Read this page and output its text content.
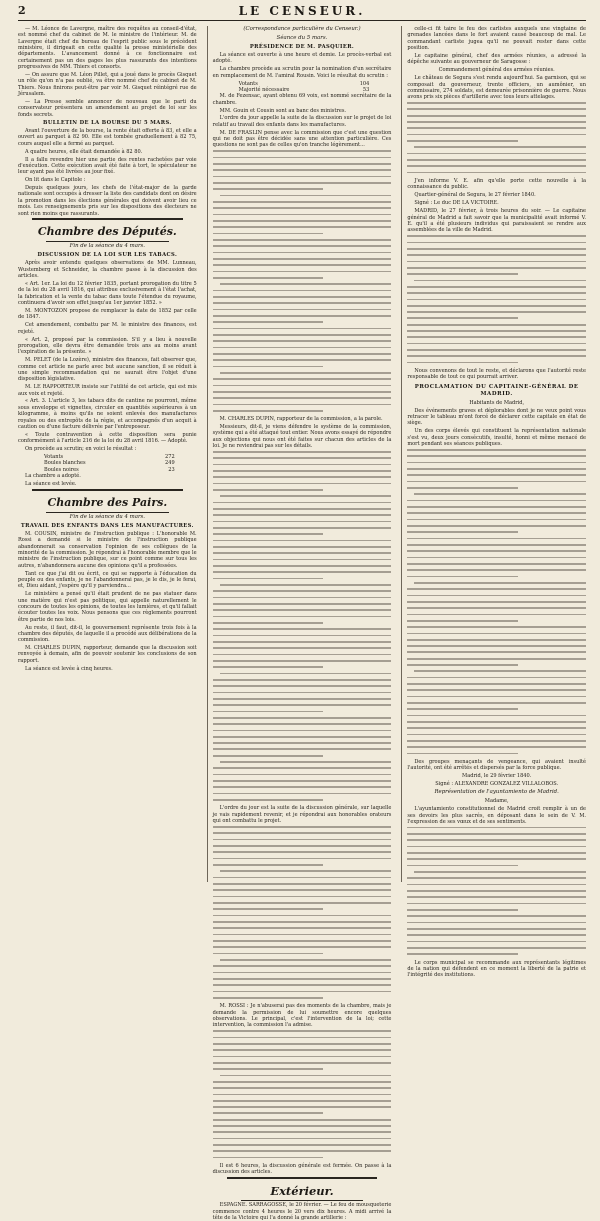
2	LE CENSEUR.

— M. Léonce de Lavergne, maître des requêtes au conseil-d'état, est nommé chef du cabinet de M. le ministre de l'intérieur. M. de Lavergne était chef du bureau de l'esprit public sous le précédent ministère, il dirigeait en cette qualité la presse ministérielle des départements. L'avancement donné à ce fonctionnaire est certainement pas un des gages les plus rassurants des intentions progressives de MM. Thiers et consorts.

— On assure que M. Léon Pillet, qui a joué dans le procès Gisquet un rôle qu'on n'a pas oublié, va être nommé chef du cabinet de M. Thiers. Nous finirons peut-être par voir M. Gisquet réintégré rue de Jérusalem.

— La Presse semble annoncer de nouveau que le parti du conservateur présentera un amendement au projet de loi sur les fonds secrets.

BULLETIN DE LA BOURSE DU 5 MARS.

Avant l'ouverture de la bourse, la rente était offerte à 83, et elle a ouvert au parquet à 82 90. Elle est tombée graduellement à 82 75, cours auquel elle a fermé au parquet.

A quatre heures, elle était demandée à 82 80.

Il a fallu revendre hier une partie des rentes rachetées par voie d'exécution. Cette exécution avait été faite à tort, le spéculateur ne leur ayant pas été livrées au jour fixé.

On lit dans le Capitole :

Depuis quelques jours, les chefs de l'état-major de la garde nationale sont occupés à dresser la liste des candidats dont on désire la promotion dans les élections générales qui doivent avoir lieu ce mois. Les renseignements pris sur les dispositions des électeurs ne sont rien moins que rassurants.

Chambre des Députés.
Fin de la séance du 4 mars.
DISCUSSION DE LA LOI SUR LES TABACS.

Après avoir entendu quelques observations de MM. Lunneau, Wustemberg et Schneider, la chambre passe à la discussion des articles.

« Art. 1er. La loi du 12 février 1835, portant prorogation du titre 5 de la loi du 28 avril 1816, qui attribue exclusivement à l'état l'achat, la fabrication et la vente du tabac dans toute l'étendue du royaume, continuera d'avoir son effet jusqu'au 1er janvier 1852. »

M. MONTOZON propose de remplacer la date de 1852 par celle de 1847.

Cet amendement, combattu par M. le ministre des finances, est rejeté.

« Art. 2, proposé par la commission. S'il y a lieu à nouvelle prorogation, elle devra être demandée trois ans au moins avant l'expiration de la présente. »

M. PELET (de la Lozère), ministre des finances, fait observer que, comme cet article ne parle avec but aucune sanction, il se réduit à une simple recommandation qui ne saurait être l'objet d'une disposition législative.

M. LE RAPPORTEUR insiste sur l'utilité de cet article, qui est mis aux voix et rejeté.

« Art. 3. L'article 3, les tabacs dits de cantine ne pourront, même sous enveloppe et vignettes, circuler en quantités supérieures à un kilogramme, à moins qu'ils ne soient enlevés des manufactures royales ou des entrepôts de la régie, et accompagnés d'un acquit à caution ou d'une facture délivrée par l'entreposeur.

« Toute contravention à cette disposition sera punie conformément à l'article 216 de la loi du 28 avril 1816. — Adopté.

On procède au scrutin; en voici le résultat :

Votants	272
Boules blanches	249
Boules noires	23

La chambre a adopté.

La séance est levée.

Chambre des Pairs.
Fin de la séance du 4 mars.
TRAVAIL DES ENFANTS DANS LES MANUFACTURES.

M. COUSIN, ministre de l'instruction publique : L'honorable M. Rossi a demandé si le ministre de l'instruction publique abandonnerait sa conservation l'opinion de ses collègues de la minorité de la commission. Je répondrai à l'honorable membre que le ministre de l'instruction publique, sur ce point comme sur tous les autres, n'abandonnera aucune des opinions qu'il a professées.

Tant ce que j'ai dit ou écrit, ce qui se rapporte à l'éducation du peuple ou des enfants, je ne l'abandonnerai pas, je le dis, je le ferai, et, Dieu aidant, j'espère qu'il y parviendra...

Le ministère a pensé qu'il était prudent de ne pas statuer dans une matière qui n'est pas politique, qui appelle naturellement le concours de toutes les opinions, de toutes les lumières, et qu'il fallait écouter toutes les voix. Nous pensons que ces règlements pourront être partie de nos lois.

Au reste, il faut, dit-il, le gouvernement représente trois fois à la chambre des députés, de laquelle il a procédé aux délibérations de la commission.

M. CHARLES DUPIN, rapporteur, demande que la discussion soit renvoyée à demain, afin de pouvoir soutenir les conclusions de son rapport.

La séance est levée à cinq heures.

(Correspondance particulière du Censeur.)
Séance du 5 mars.
PRÉSIDENCE DE M. PASQUIER.

La séance est ouverte à une heure et demie. Le procès-verbal est adopté.

La chambre procède au scrutin pour la nomination d'un secrétaire en remplacement de M. l'amiral Rousin. Voici le résultat du scrutin :

Votants	104
Majorité nécessaire	53

M. de Fezensac, ayant obtenu 69 voix, est nommé secrétaire de la chambre.

MM. Gouin et Cousin sont au banc des ministres.

L'ordre du jour appelle la suite de la discussion sur le projet de loi relatif au travail des enfants dans les manufactures.

M. DE FRASLIN pense avec la commission que c'est une question qui ne doit pas être décidée sans une attention particulière. Ces questions ne sont pas de celles qu'on tranche légèrement...

M. CHARLES DUPIN, rapporteur de la commission, a la parole.

Messieurs, dit-il, je viens défendre le système de la commission, système qui a été attaqué tout entier. Nous avons essayé de répondre aux objections qui nous ont été faites sur chacun des articles de la loi. Je ne reviendrai pas sur les détails.

L'ordre du jour est la suite de la discussion générale, sur laquelle je vais rapidement revenir, et je répondrai aux honorables orateurs qui ont combattu le projet.

M. ROSSI : Je n'abuserai pas des moments de la chambre, mais je demande la permission de lui soumettre encore quelques observations. Le principal, c'est l'intervention de la loi; cette intervention, la commission l'a admise.

Il est 6 heures, la discussion générale est fermée. On passe à la discussion des articles.

Extérieur.

ESPAGNE. SARRAGOSSE, le 20 février. — Le feu de mousqueterie commence contre 4 heures le 20 vers dix heures. A midi arrivé la tête de la Victoire qui l'a donné la grande artillerie :

celle-ci fit taire le feu des carlistes auxquels une vingtaine de grenades lancées dans le fort avaient causé beaucoup de mal. Le commandant carliste jugea qu'il ne pouvait rester dans cette position.

Le capitaine général, chef des armées réunies, a adressé la dépêche suivante au gouverneur de Saragosse :

Commandement général des armées réunies.

Le château de Segura s'est rendu aujourd'hui. Sa garnison, qui se composait du gouverneur, trente officiers, un aumônier, un commissaire, 274 soldats, est demeurée prisonnière de guerre. Nous avons pris six pièces d'artillerie avec tous leurs attelages.

J'en informe V. E. afin qu'elle porte cette nouvelle à la connaissance du public.

Quartier-général de Segura, le 27 février 1840.

Signé : Le duc DE LA VICTOIRE.

MADRID, le 27 février, à trois heures du soir. — Le capitaine général de Madrid a fait savoir que la municipalité avait informé V. E. qu'il a été plusieurs individus qui paraissaient se rendre aux assemblées de la ville de Madrid.

Nous convenons de tout le reste, et déclarons que l'autorité reste responsable de tout ce qui pourrait arriver.

PROCLAMATION DU CAPITAINE-GÉNÉRAL DE MADRID.

Habitants de Madrid,

Des événements graves et déplorables dont je ne veux point vous retracer le tableau m'ont forcé de déclarer cette capitale en état de siège.

Un des corps élevés qui constituent la représentation nationale s'est vu, deux jours consécutifs, insulté, honni et même menacé de mort pendant ses séances publiques.

Des groupes menaçants de vengeance, qui avaient insulté l'autorité, ont été arrêtés et dispersés par la force publique.

Madrid, le 29 février 1840.

Signé : ALEXANDRE GONZALEZ VILLALOBOS.

Représentation de l'ayuntamiento de Madrid.

Madame,

L'ayuntamiento constitutionnel de Madrid croit remplir à un de ses devoirs les plus sacrés, en déposant dans le sein de V. M. l'expression de ses vœux et de ses sentiments.

Le corps municipal se recommande aux représentants légitimes de la nation qui défendent en ce moment la liberté de la patrie et l'intégrité des institutions.
